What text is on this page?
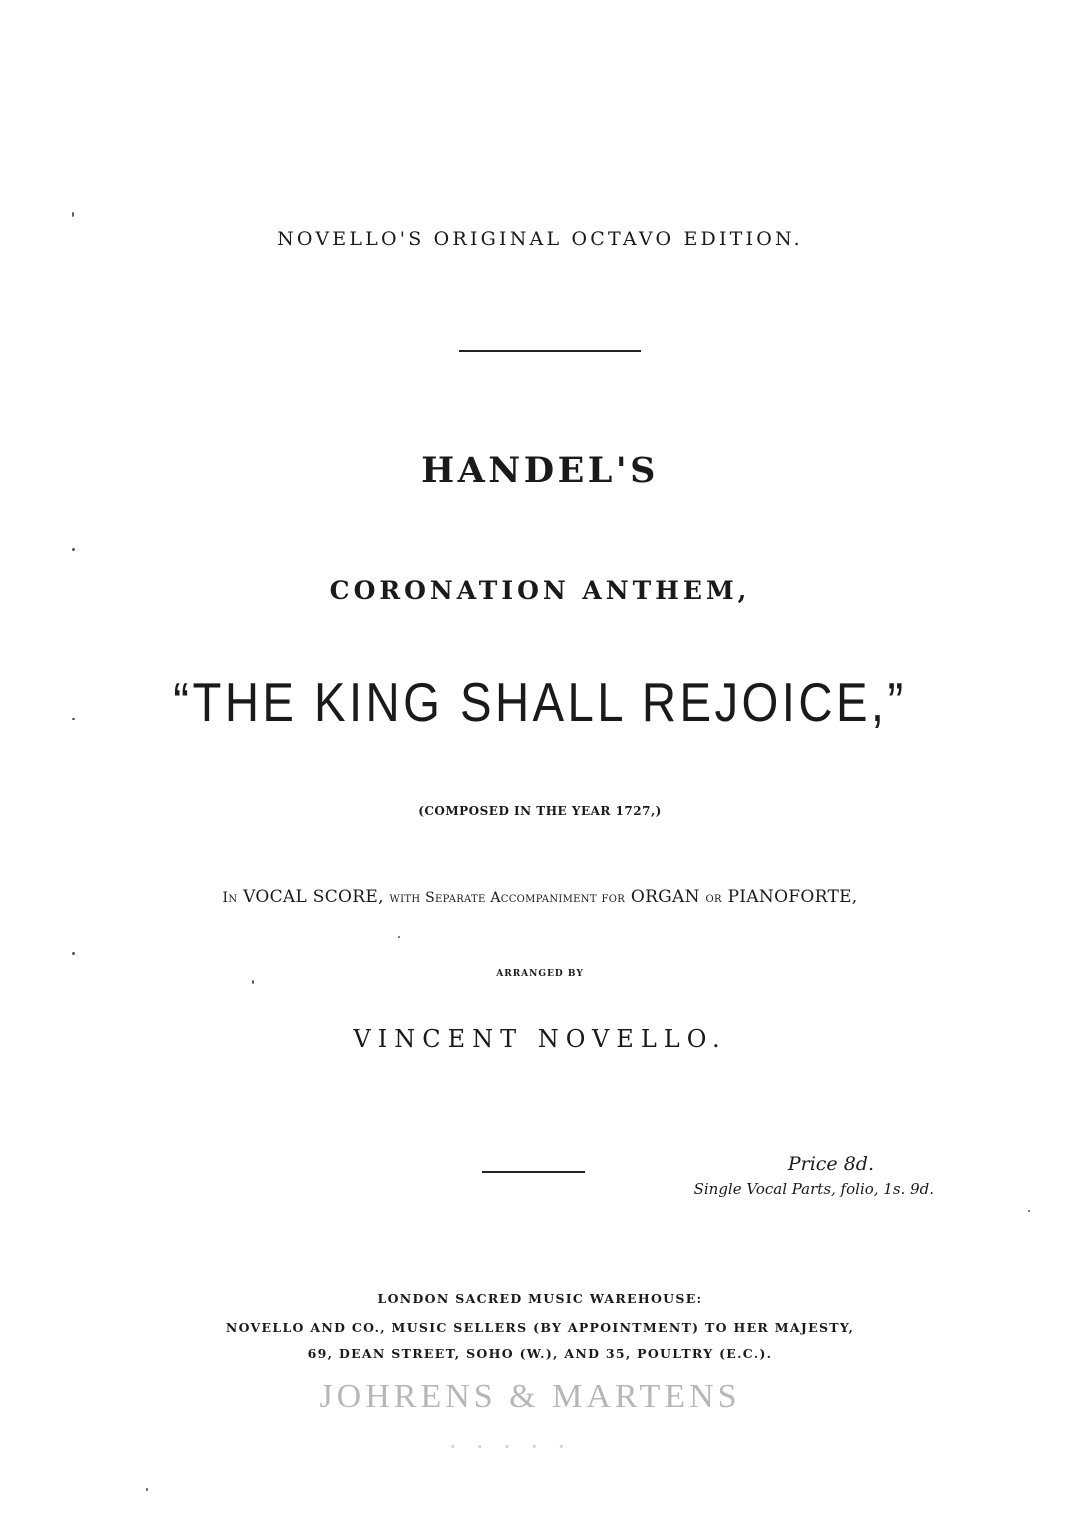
NOVELLO'S ORIGINAL OCTAVO EDITION.
HANDEL'S
CORONATION ANTHEM,
“THE KING SHALL REJOICE,”
(COMPOSED IN THE YEAR 1727,)
In VOCAL SCORE, with Separate Accompaniment for ORGAN or PIANOFORTE,
ARRANGED BY
VINCENT NOVELLO.
Price 8d.
Single Vocal Parts, folio, 1s. 9d.
LONDON SACRED MUSIC WAREHOUSE:
NOVELLO AND CO., MUSIC SELLERS (BY APPOINTMENT) TO HER MAJESTY,
69, DEAN STREET, SOHO (W.), AND 35, POULTRY (E.C.).
JOHRENS & MARTENS
· · · · ·
